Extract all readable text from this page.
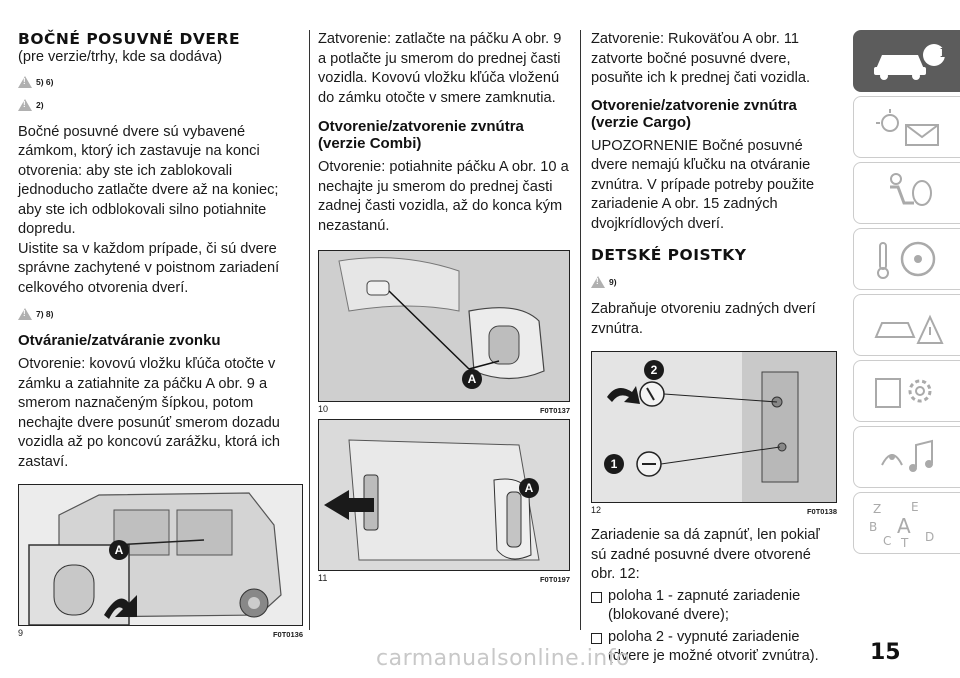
BOČNÉ POSUVNÉ DVERE

(pre verzie/trhy, kde sa dodáva)

!
5) 6)
!
2)

Bočné posuvné dvere sú vybavené zámkom, ktorý ich zastavuje na konci otvorenia: aby ste ich zablokovali jednoducho zatlačte dvere až na koniec; aby ste ich odblokovali silno potiahnite dopredu.

Uistite sa v každom prípade, či sú dvere správne zachytené v poistnom zariadení celkového otvorenia dverí.

!
7) 8)
Otváranie/zatváranie zvonku

Otvorenie: kovovú vložku kľúča otočte v zámku a zatiahnite za páčku A obr. 9 a smerom naznačeným šípkou, potom nechajte dvere posunúť smerom dozadu vozidla až po koncovú zarážku, ktorá ich zastaví.

A
9	F0T0136

Zatvorenie: zatlačte na páčku A obr. 9 a potlačte ju smerom do prednej časti vozidla. Kovovú vložku kľúča vloženú do zámku otočte v smere zamknutia.

Otvorenie/zatvorenie zvnútra (verzie Combi)

Otvorenie: potiahnite páčku A obr. 10 a nechajte ju smerom do prednej časti zadnej časti vozidla, až do konca kým nezastanú.

A
10	F0T0137
A
11	F0T0197

Zatvorenie: Rukoväťou A obr. 11 zatvorte bočné posuvné dvere, posuňte ich k prednej čati vozidla.

Otvorenie/zatvorenie zvnútra (verzie Cargo)

UPOZORNENIE Bočné posuvné dvere nemajú kľučku na otváranie zvnútra. V prípade potreby použite zariadenie A obr. 15 zadných dvojkrídlových dverí.

DETSKÉ POISTKY
!
9)

Zabraňuje otvoreniu zadných dverí zvnútra.

2
1
12	F0T0138

Zariadenie sa dá zapnúť, len pokiaľ sú zadné posuvné dvere otvorené obr. 12:

poloha 1 - zapnuté zariadenie (blokované dvere);
poloha 2 - vypnuté zariadenie (dvere je možné otvoriť zvnútra).
i
Z E
B A
C T D
carmanualsonline.info	15
